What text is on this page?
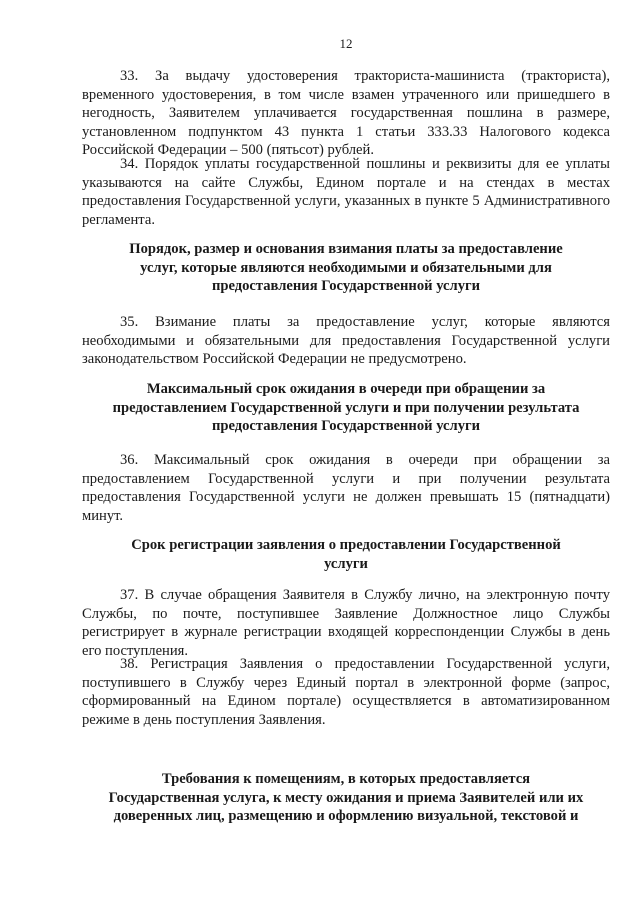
12

33. За выдачу удостоверения тракториста-машиниста (тракториста), временного удостоверения, в том числе взамен утраченного или пришедшего в негодность, Заявителем уплачивается государственная пошлина в размере, установленном подпунктом 43 пункта 1 статьи 333.33 Налогового кодекса Российской Федерации – 500 (пятьсот) рублей.

34. Порядок уплаты государственной пошлины и реквизиты для ее уплаты указываются на сайте Службы, Едином портале и на стендах в местах предоставления Государственной услуги, указанных в пункте 5 Административного регламента.

Порядок, размер и основания взимания платы за предоставление
услуг, которые являются необходимыми и обязательными для
предоставления Государственной услуги

35. Взимание платы за предоставление услуг, которые являются необходимыми и обязательными для предоставления Государственной услуги законодательством Российской Федерации не предусмотрено.

Максимальный срок ожидания в очереди при обращении за
предоставлением Государственной услуги и при получении результата
предоставления Государственной услуги

36. Максимальный срок ожидания в очереди при обращении за предоставлением Государственной услуги и при получении результата предоставления Государственной услуги не должен превышать 15 (пятнадцати) минут.

Срок регистрации заявления о предоставлении Государственной
услуги

37. В случае обращения Заявителя в Службу лично, на электронную почту Службы, по почте, поступившее Заявление Должностное лицо Службы регистрирует в журнале регистрации входящей корреспонденции Службы в день его поступления.

38. Регистрация Заявления о предоставлении Государственной услуги, поступившего в Службу через Единый портал в электронной форме (запрос, сформированный на Едином портале) осуществляется в автоматизированном режиме в день поступления Заявления.

Требования к помещениям, в которых предоставляется
Государственная услуга, к месту ожидания и приема Заявителей или их
доверенных лиц, размещению и оформлению визуальной, текстовой и
